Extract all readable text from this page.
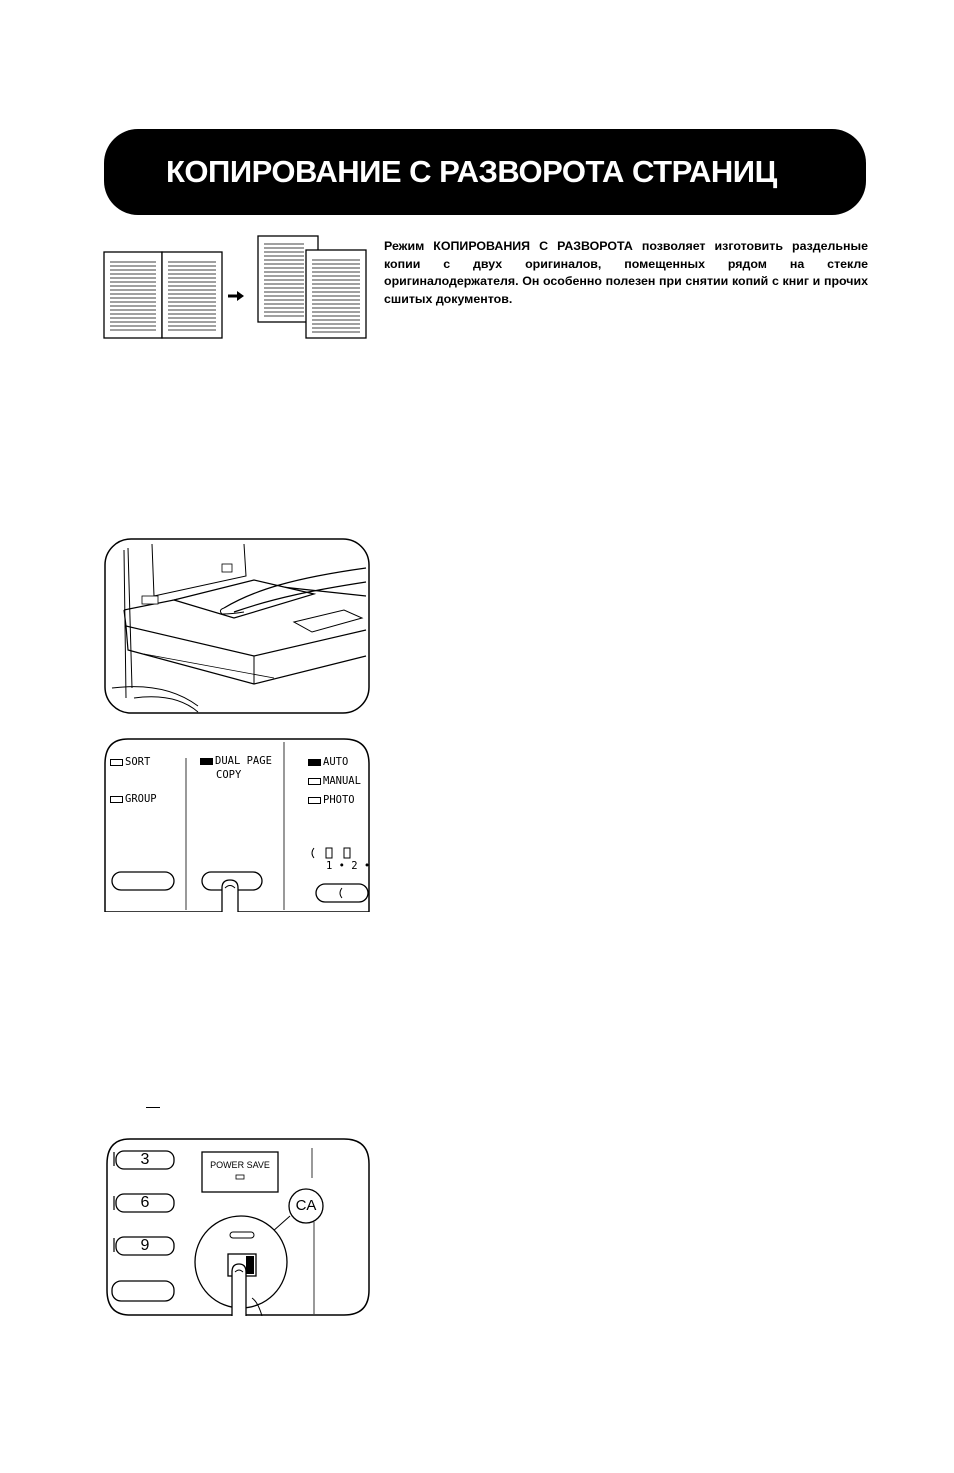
КОПИРОВАНИЕ С РАЗВОРОТА СТРАНИЦ

Режим КОПИРОВАНИЯ С РАЗВОРОТА позволяет изготовить раздельные копии с двух оригиналов, помещенных рядом на стекле оригиналодержателя. Он особенно полезен при снятии копий с книг и прочих сшитых документов.

SORT
GROUP
DUAL PAGE
COPY
AUTO
MANUAL
PHOTO
1 • 2 •
3
6
9
POWER SAVE
CA
